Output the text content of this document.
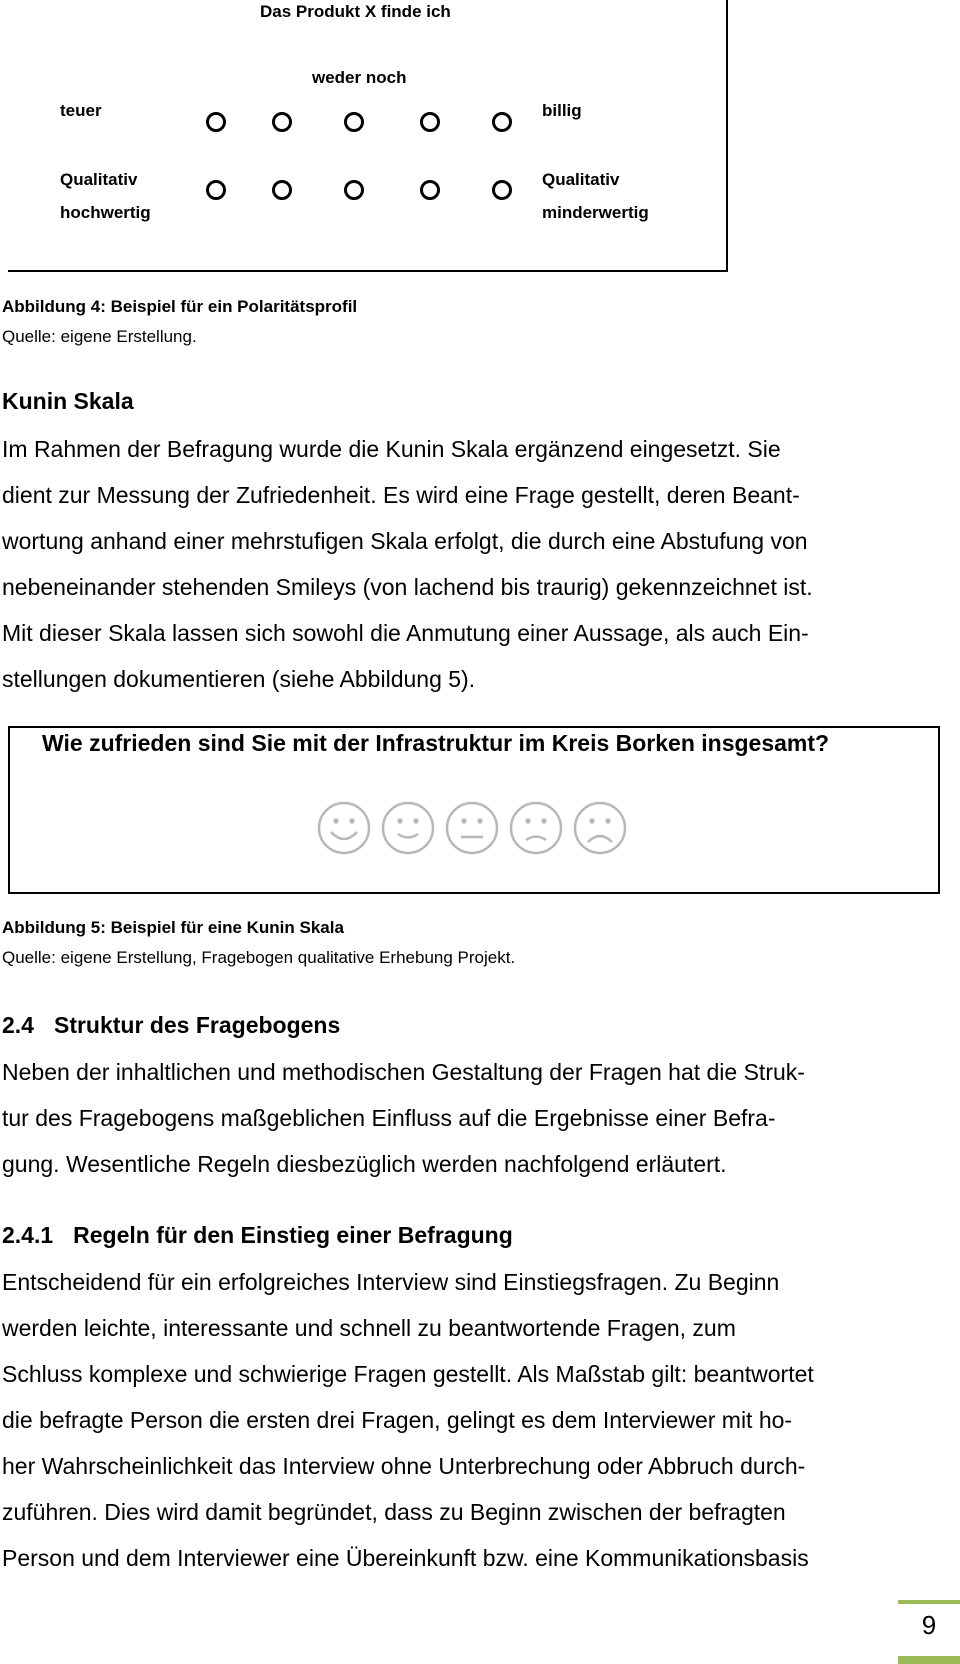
Das Produkt X finde ich
weder noch
teuer	billig
Qualitativ
hochwertig
Qualitativ
minderwertig
Abbildung 4: Beispiel für ein Polaritätsprofil
Quelle: eigene Erstellung.
Kunin Skala

Im Rahmen der Befragung wurde die Kunin Skala ergänzend eingesetzt. Sie

dient zur Messung der Zufriedenheit. Es wird eine Frage gestellt, deren Beant-

wortung anhand einer mehrstufigen Skala erfolgt, die durch eine Abstufung von

nebeneinander stehenden Smileys (von lachend bis traurig) gekennzeichnet ist.

Mit dieser Skala lassen sich sowohl die Anmutung einer Aussage, als auch Ein-

stellungen dokumentieren (siehe Abbildung 5).

Wie zufrieden sind Sie mit der Infrastruktur im Kreis Borken insgesamt?
Abbildung 5: Beispiel für eine Kunin Skala
Quelle: eigene Erstellung, Fragebogen qualitative Erhebung Projekt.
2.4 Struktur des Fragebogens

Neben der inhaltlichen und methodischen Gestaltung der Fragen hat die Struk-

tur des Fragebogens maßgeblichen Einfluss auf die Ergebnisse einer Befra-

gung. Wesentliche Regeln diesbezüglich werden nachfolgend erläutert.

2.4.1 Regeln für den Einstieg einer Befragung

Entscheidend für ein erfolgreiches Interview sind Einstiegsfragen. Zu Beginn

werden leichte, interessante und schnell zu beantwortende Fragen, zum

Schluss komplexe und schwierige Fragen gestellt. Als Maßstab gilt: beantwortet

die befragte Person die ersten drei Fragen, gelingt es dem Interviewer mit ho-

her Wahrscheinlichkeit das Interview ohne Unterbrechung oder Abbruch durch-

zuführen. Dies wird damit begründet, dass zu Beginn zwischen der befragten

Person und dem Interviewer eine Übereinkunft bzw. eine Kommunikationsbasis

9
